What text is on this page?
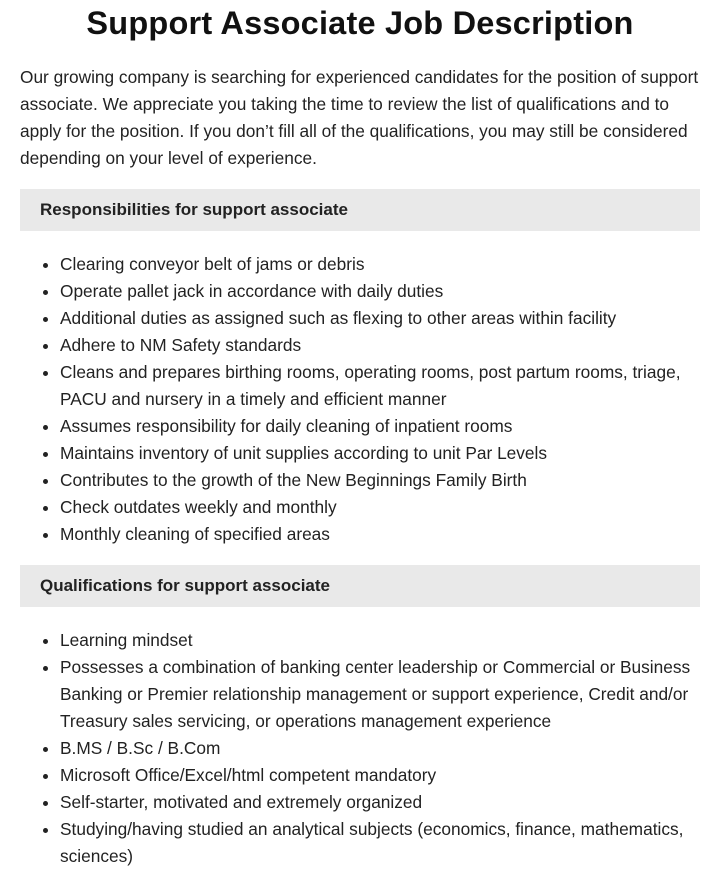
Support Associate Job Description

Our growing company is searching for experienced candidates for the position of support associate. We appreciate you taking the time to review the list of qualifications and to apply for the position. If you don’t fill all of the qualifications, you may still be considered depending on your level of experience.

Responsibilities for support associate
• Clearing conveyor belt of jams or debris
• Operate pallet jack in accordance with daily duties
• Additional duties as assigned such as flexing to other areas within facility
• Adhere to NM Safety standards
• Cleans and prepares birthing rooms, operating rooms, post partum rooms, triage, PACU and nursery in a timely and efficient manner
• Assumes responsibility for daily cleaning of inpatient rooms
• Maintains inventory of unit supplies according to unit Par Levels
• Contributes to the growth of the New Beginnings Family Birth
• Check outdates weekly and monthly
• Monthly cleaning of specified areas
Qualifications for support associate
• Learning mindset
• Possesses a combination of banking center leadership or Commercial or Business Banking or Premier relationship management or support experience, Credit and/or Treasury sales servicing, or operations management experience
• B.MS / B.Sc / B.Com
• Microsoft Office/Excel/html competent mandatory
• Self-starter, motivated and extremely organized
• Studying/having studied an analytical subjects (economics, finance, mathematics, sciences)
